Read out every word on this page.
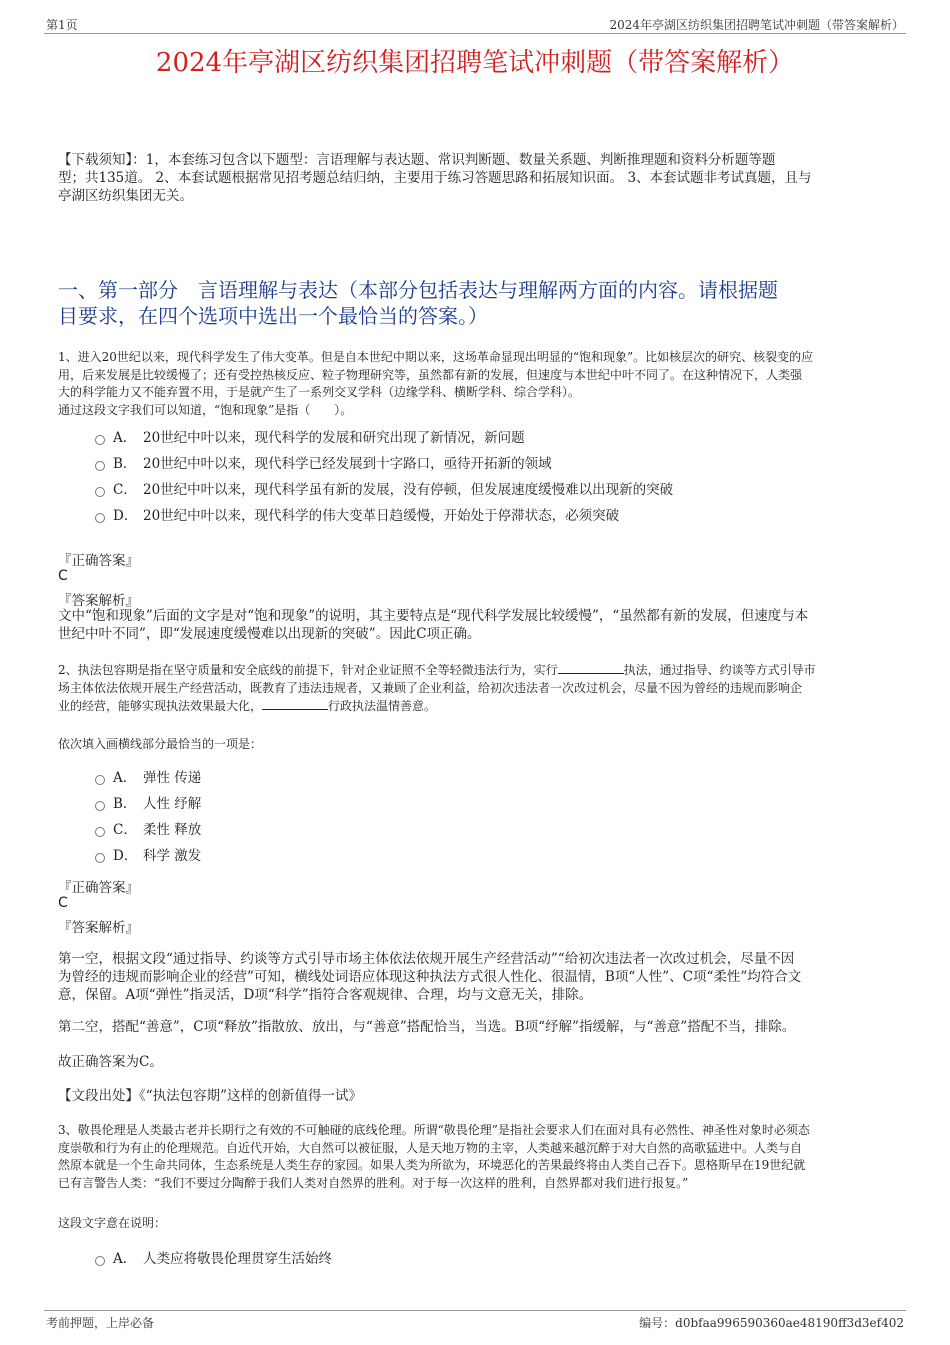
第1页	2024年亭湖区纺织集团招聘笔试冲刺题（带答案解析）
2024年亭湖区纺织集团招聘笔试冲刺题（带答案解析）
【下载须知】：1，本套练习包含以下题型：言语理解与表达题、常识判断题、数量关系题、判断推理题和资料分析题等题
型；共135道。 2、本套试题根据常见招考题总结归纳，主要用于练习答题思路和拓展知识面。 3、本套试题非考试真题，且与
亭湖区纺织集团无关。
一、第一部分　言语理解与表达（本部分包括表达与理解两方面的内容。请根据题
目要求，在四个选项中选出一个最恰当的答案。）
1、进入20世纪以来，现代科学发生了伟大变革。但是自本世纪中期以来，这场革命显现出明显的“饱和现象”。比如核层次的研究、核裂变的应
用，后来发展是比较缓慢了；还有受控热核反应、粒子物理研究等，虽然都有新的发展，但速度与本世纪中叶不同了。在这种情况下，人类强
大的科学能力又不能弃置不用，于是就产生了一系列交叉学科（边缘学科、横断学科、综合学科）。
通过这段文字我们可以知道，“饱和现象”是指（　　）。
A． 20世纪中叶以来，现代科学的发展和研究出现了新情况，新问题
B． 20世纪中叶以来，现代科学已经发展到十字路口，亟待开拓新的领域
C． 20世纪中叶以来，现代科学虽有新的发展，没有停顿，但发展速度缓慢难以出现新的突破
D． 20世纪中叶以来，现代科学的伟大变革日趋缓慢，开始处于停滞状态，必须突破
『正确答案』
C
『答案解析』
文中“饱和现象”后面的文字是对“饱和现象”的说明，其主要特点是“现代科学发展比较缓慢”，“虽然都有新的发展，但速度与本
世纪中叶不同”，即“发展速度缓慢难以出现新的突破”。因此C项正确。
2、执法包容期是指在坚守质量和安全底线的前提下，针对企业证照不全等轻微违法行为，实行	执法，通过指导、约谈等方式引导市
场主体依法依规开展生产经营活动，既教育了违法违规者，又兼顾了企业利益，给初次违法者一次改过机会，尽量不因为曾经的违规而影响企
业的经营，能够实现执法效果最大化，	行政执法温情善意。
依次填入画横线部分最恰当的一项是：
A． 弹性 传递
B． 人性 纾解
C． 柔性 释放
D． 科学 激发
『正确答案』
C
『答案解析』
第一空，根据文段“通过指导、约谈等方式引导市场主体依法依规开展生产经营活动”“给初次违法者一次改过机会，尽量不因
为曾经的违规而影响企业的经营”可知，横线处词语应体现这种执法方式很人性化、很温情，B项“人性”、C项“柔性”均符合文
意，保留。A项“弹性”指灵活，D项“科学”指符合客观规律、合理，均与文意无关，排除。
第二空，搭配“善意”，C项“释放”指散放、放出，与“善意”搭配恰当，当选。B项“纾解”指缓解，与“善意”搭配不当，排除。
故正确答案为C。
【文段出处】《“执法包容期”这样的创新值得一试》
3、敬畏伦理是人类最古老并长期行之有效的不可触碰的底线伦理。所谓“敬畏伦理”是指社会要求人们在面对具有必然性、神圣性对象时必须态
度崇敬和行为有止的伦理规范。自近代开始，大自然可以被征服，人是天地万物的主宰，人类越来越沉醉于对大自然的高歌猛进中。人类与自
然原本就是一个生命共同体，生态系统是人类生存的家园。如果人类为所欲为，环境恶化的苦果最终将由人类自己吞下。恩格斯早在19世纪就
已有言警告人类：“我们不要过分陶醉于我们人类对自然界的胜利。对于每一次这样的胜利，自然界都对我们进行报复。”
这段文字意在说明：
A． 人类应将敬畏伦理贯穿生活始终
考前押题，上岸必备	编号：d0bfaa996590360ae48190ff3d3ef402
